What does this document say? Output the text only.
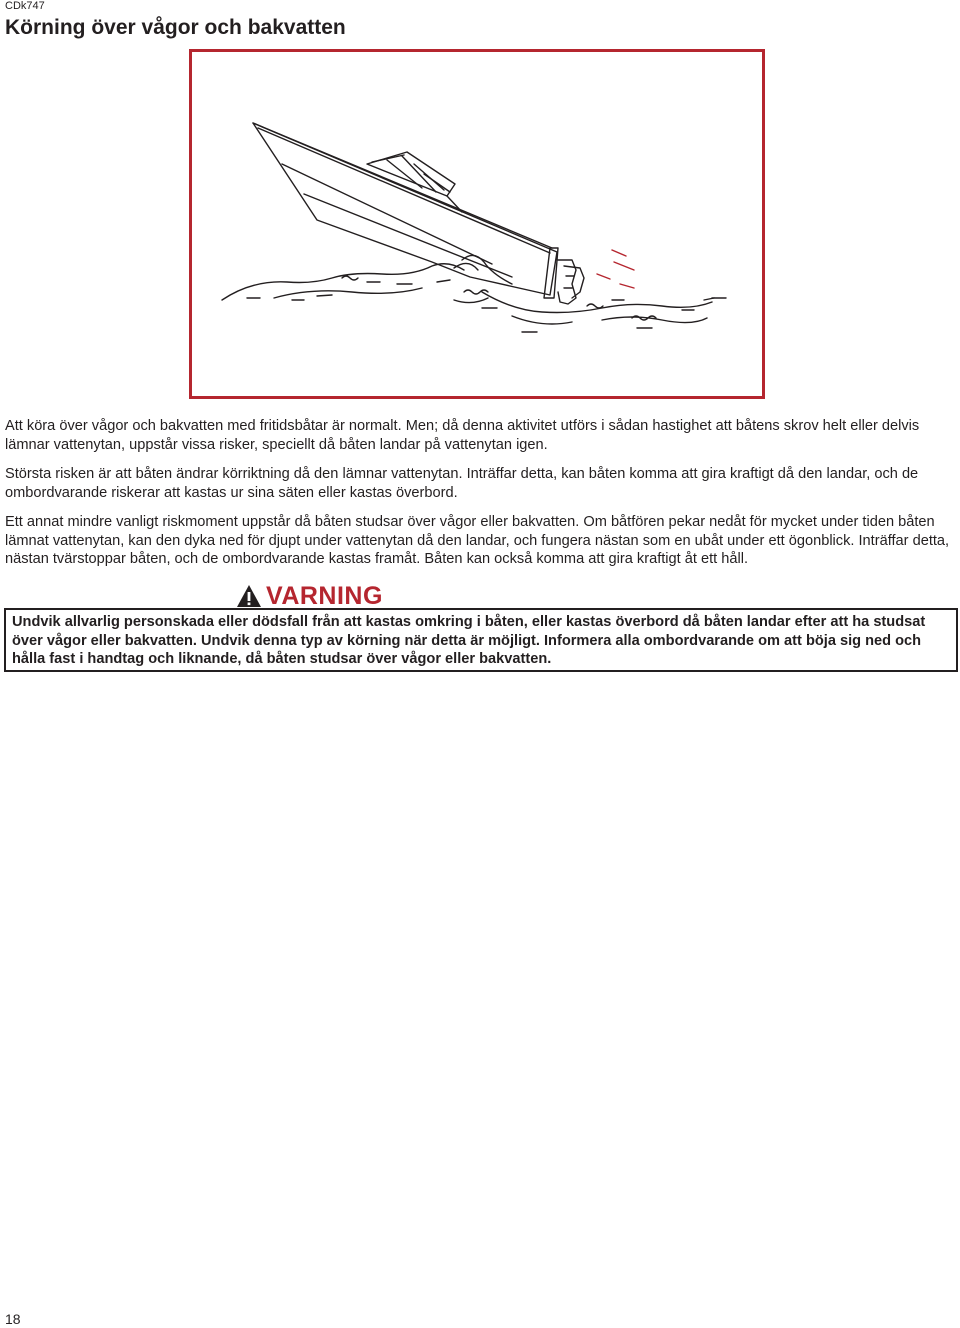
CDk747
Körning över vågor och bakvatten

Att köra över vågor och bakvatten med fritidsbåtar är normalt. Men; då denna aktivitet utförs i sådan hastighet att båtens skrov helt eller delvis lämnar vattenytan, uppstår vissa risker, speciellt då båten landar på vattenytan igen.

Största risken är att båten ändrar körriktning då den lämnar vattenytan. Inträffar detta, kan båten komma att gira kraftigt då den landar, och de ombordvarande riskerar att kastas ur sina säten eller kastas överbord.

Ett annat mindre vanligt riskmoment uppstår då båten studsar över vågor eller bakvatten. Om båtfören pekar nedåt för mycket under tiden båten lämnat vattenytan, kan den dyka ned för djupt under vattenytan då den landar, och fungera nästan som en ubåt under ett ögonblick. Inträffar detta, nästan tvärstoppar båten, och de ombordvarande kastas framåt. Båten kan också komma att gira kraftigt åt ett håll.

VARNING

Undvik allvarlig personskada eller dödsfall från att kastas omkring i båten, eller kastas överbord då båten landar efter att ha studsat över vågor eller bakvatten. Undvik denna typ av körning när detta är möjligt. Informera alla ombordvarande om att böja sig ned och hålla fast i handtag och liknande, då båten studsar över vågor eller bakvatten.

18
